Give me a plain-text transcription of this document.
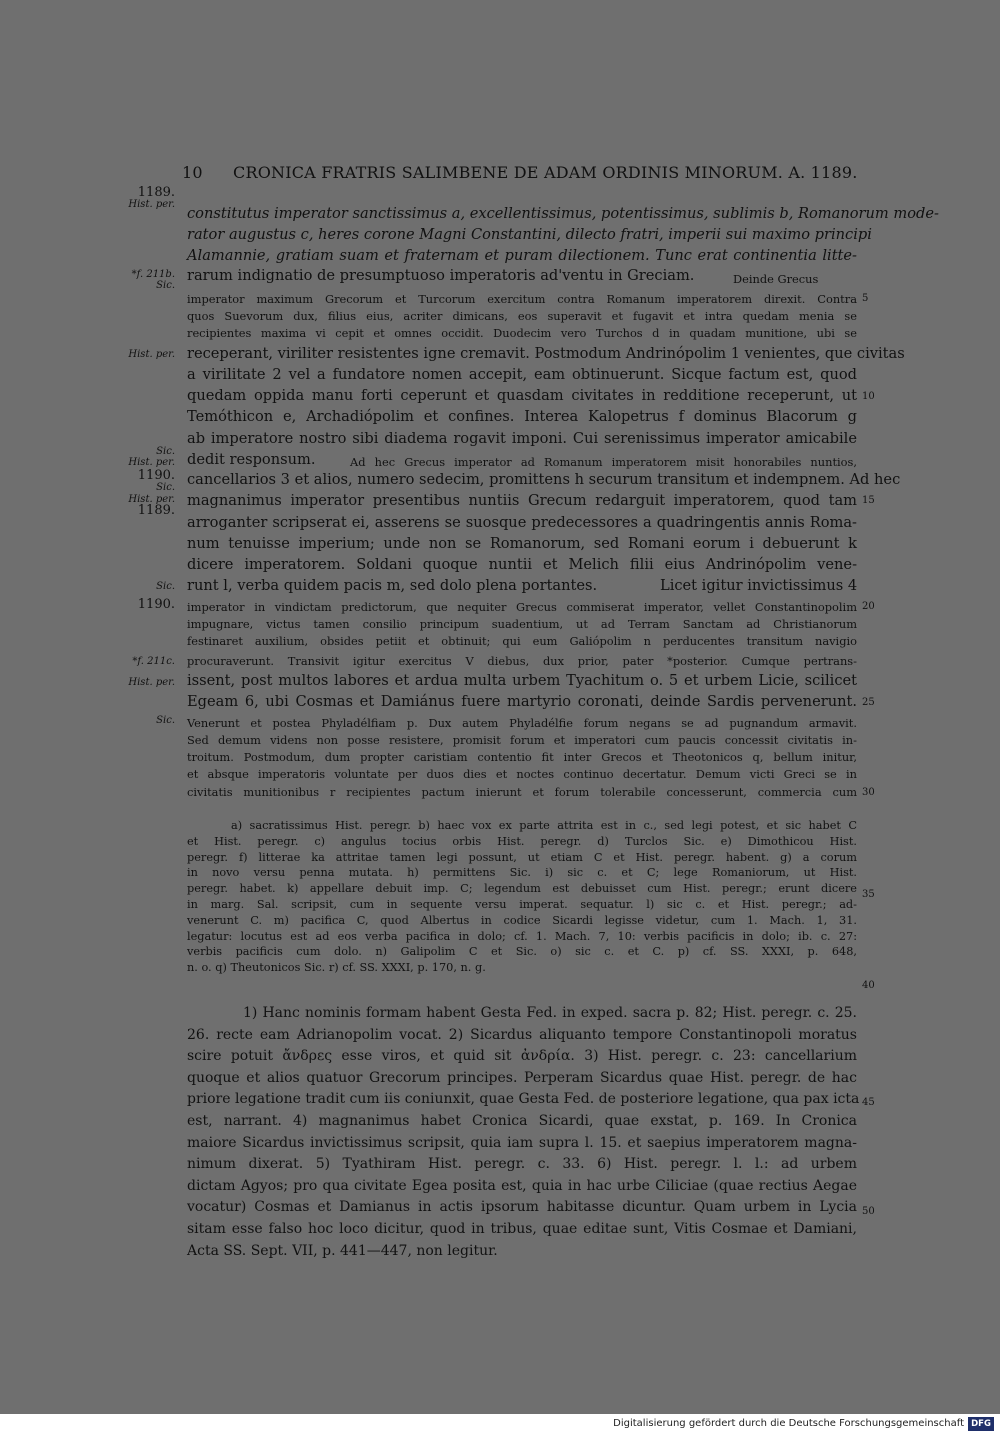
10 CRONICA FRATRIS SALIMBENE DE ADAM ORDINIS MINORUM. A. 1189.
1189.
Hist. per.
*f. 211b.
Sic.
Hist. per.
Sic.
Hist. per.
1190.
Sic.
Hist. per.
1189.
Sic.
1190.
*f. 211c.
Hist. per.
Sic.
constitutus imperator sanctissimus a, excellentissimus, potentissimus, sublimis b, Romanorum mode-
rator augustus c, heres corone Magni Constantini, dilecto fratri, imperii sui maximo principi
Alamannie, gratiam suam et fraternam et puram dilectionem. Tunc erat continentia litte-
rarum indignatio de presumptuoso imperatoris ad'ventu in Greciam.	Deinde Grecus
imperator maximum Grecorum et Turcorum exercitum contra Romanum imperatorem direxit. Contra
quos Suevorum dux, filius eius, acriter dimicans, eos superavit et fugavit et intra quedam menia se
recipientes maxima vi cepit et omnes occidit. Duodecim vero Turchos d in quadam munitione, ubi se
receperant, viriliter resistentes igne cremavit. Postmodum Andrinópolim 1 venientes, que civitas
a virilitate 2 vel a fundatore nomen accepit, eam obtinuerunt. Sicque factum est, quod
quedam oppida manu forti ceperunt et quasdam civitates in redditione receperunt, ut
Temóthicon e, Archadiópolim et confines. Interea Kalopetrus f dominus Blacorum g
ab imperatore nostro sibi diadema rogavit imponi. Cui serenissimus imperator amicabile
dedit responsum.	Ad hec Grecus imperator ad Romanum imperatorem misit honorabiles nuntios,
cancellarios 3 et alios, numero sedecim, promittens h securum transitum et indempnem. Ad hec
magnanimus imperator presentibus nuntiis Grecum redarguit imperatorem, quod tam
arroganter scripserat ei, asserens se suosque predecessores a quadringentis annis Roma-
num tenuisse imperium; unde non se Romanorum, sed Romani eorum i debuerunt k
dicere imperatorem. Soldani quoque nuntii et Melich filii eius Andrinópolim vene-
runt l, verba quidem pacis m, sed dolo plena portantes.	Licet igitur invictissimus 4
imperator in vindictam predictorum, que nequiter Grecus commiserat imperator, vellet Constantinopolim
impugnare, victus tamen consilio principum suadentium, ut ad Terram Sanctam ad Christianorum
festinaret auxilium, obsides petiit et obtinuit; qui eum Galiópolim n perducentes transitum navigio
procuraverunt. Transivit igitur exercitus V diebus, dux prior, pater *posterior. Cumque pertrans-
issent, post multos labores et ardua multa urbem Tyachitum o. 5 et urbem Licie, scilicet
Egeam 6, ubi Cosmas et Damiánus fuere martyrio coronati, deinde Sardis pervenerunt.
Venerunt et postea Phyladélfiam p. Dux autem Phyladélfie forum negans se ad pugnandum armavit.
Sed demum videns non posse resistere, promisit forum et imperatori cum paucis concessit civitatis in-
troitum. Postmodum, dum propter caristiam contentio fit inter Grecos et Theotonicos q, bellum initur,
et absque imperatoris voluntate per duos dies et noctes continuo decertatur. Demum victi Greci se in
civitatis munitionibus r recipientes pactum inierunt et forum tolerabile concesserunt, commercia cum
5
10
15
20
25
30
35
40
45
50

a) sacratissimus Hist. peregr. b) haec vox ex parte attrita est in c., sed legi potest, et sic habet C

et Hist. peregr. c) angulus tocius orbis Hist. peregr. d) Turclos Sic. e) Dimothicou Hist.

peregr. f) litterae ka attritae tamen legi possunt, ut etiam C et Hist. peregr. habent. g) a corum

in novo versu penna mutata. h) permittens Sic. i) sic c. et C; lege Romaniorum, ut Hist.

peregr. habet. k) appellare debuit imp. C; legendum est debuisset cum Hist. peregr.; erunt dicere

in marg. Sal. scripsit, cum in sequente versu imperat. sequatur. l) sic c. et Hist. peregr.; ad-

venerunt C. m) pacifica C, quod Albertus in codice Sicardi legisse videtur, cum 1. Mach. 1, 31.

legatur: locutus est ad eos verba pacifica in dolo; cf. 1. Mach. 7, 10: verbis pacificis in dolo; ib. c. 27:

verbis pacificis cum dolo. n) Galipolim C et Sic. o) sic c. et C. p) cf. SS. XXXI, p. 648,

n. o. q) Theutonicos Sic. r) cf. SS. XXXI, p. 170, n. g.

1) Hanc nominis formam habent Gesta Fed. in exped. sacra p. 82; Hist. peregr. c. 25.

26. recte eam Adrianopolim vocat. 2) Sicardus aliquanto tempore Constantinopoli moratus

scire potuit ἄνδρες esse viros, et quid sit ἀνδρία. 3) Hist. peregr. c. 23: cancellarium

quoque et alios quatuor Grecorum principes. Perperam Sicardus quae Hist. peregr. de hac

priore legatione tradit cum iis coniunxit, quae Gesta Fed. de posteriore legatione, qua pax icta

est, narrant. 4) magnanimus habet Cronica Sicardi, quae exstat, p. 169. In Cronica

maiore Sicardus invictissimus scripsit, quia iam supra l. 15. et saepius imperatorem magna-

nimum dixerat. 5) Tyathiram Hist. peregr. c. 33. 6) Hist. peregr. l. l.: ad urbem

dictam Agyos; pro qua civitate Egea posita est, quia in hac urbe Ciliciae (quae rectius Aegae

vocatur) Cosmas et Damianus in actis ipsorum habitasse dicuntur. Quam urbem in Lycia

sitam esse falso hoc loco dicitur, quod in tribus, quae editae sunt, Vitis Cosmae et Damiani,

Acta SS. Sept. VII, p. 441—447, non legitur.

Digitalisierung gefördert durch die Deutsche Forschungsgemeinschaft DFG
